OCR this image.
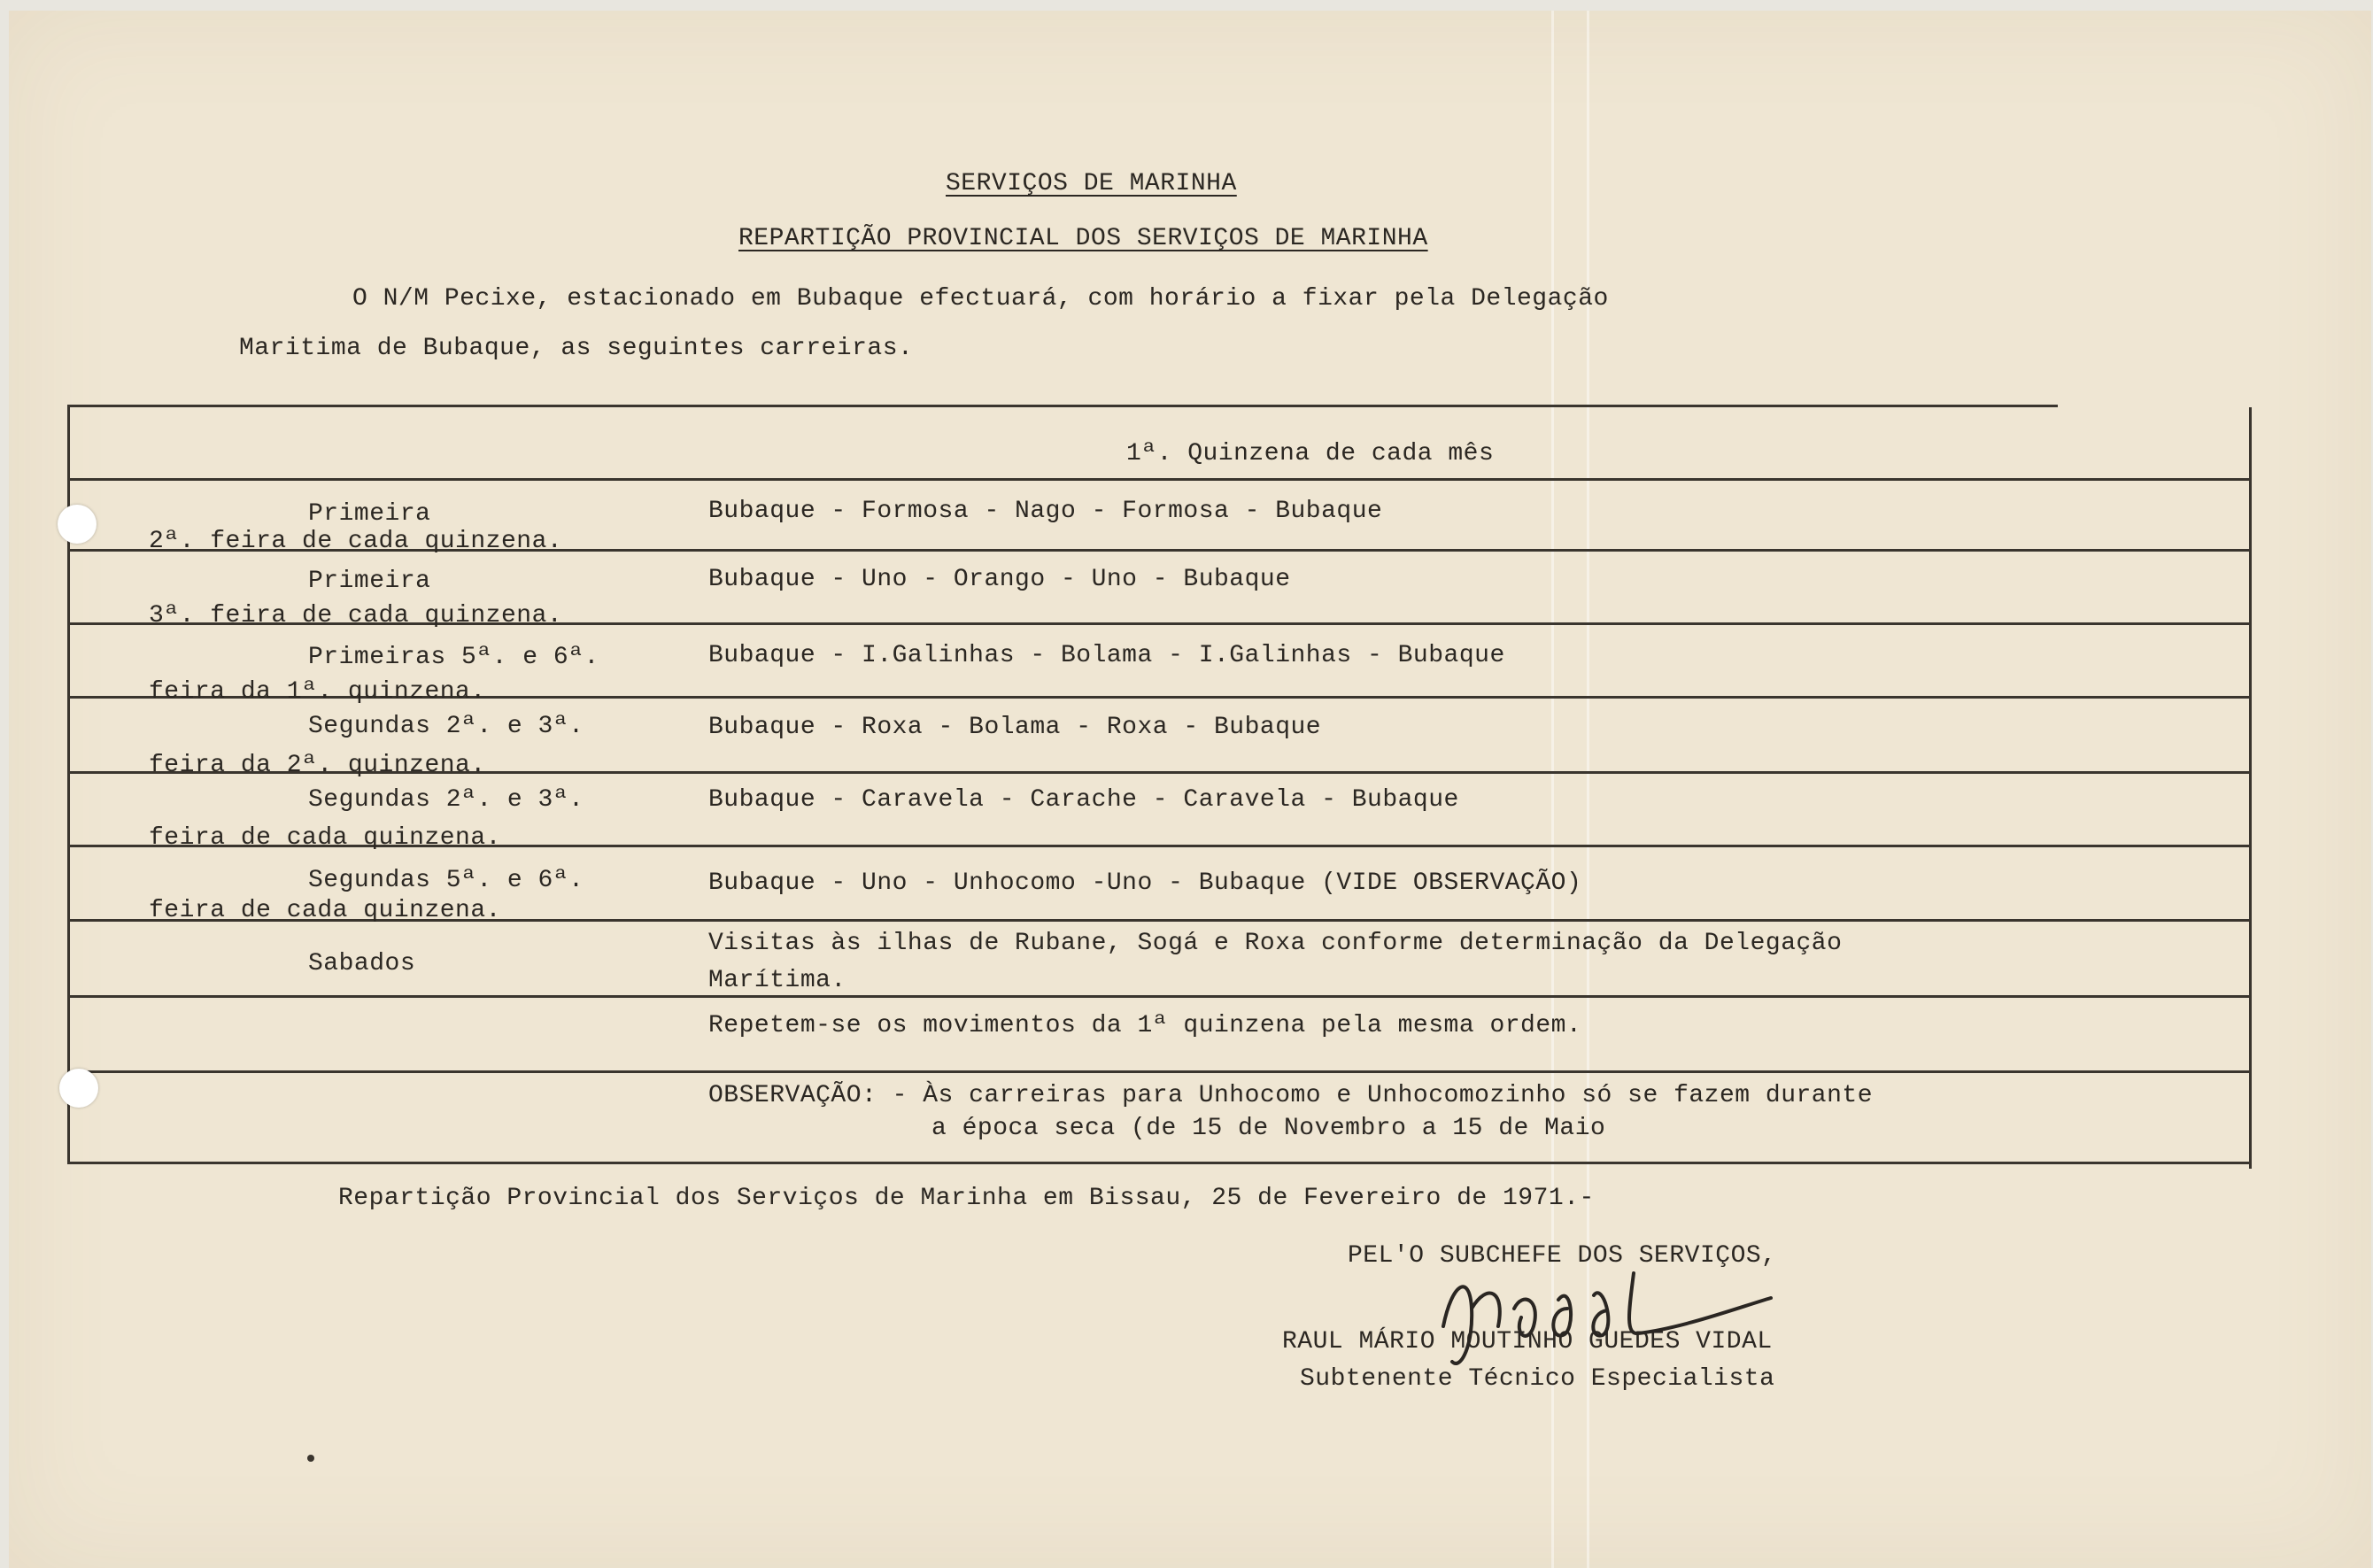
SERVIÇOS DE MARINHA
REPARTIÇÃO PROVINCIAL DOS SERVIÇOS DE MARINHA
O N/M Pecixe, estacionado em Bubaque efectuará, com horário a fixar pela Delegação
Maritima de Bubaque, as seguintes carreiras.
1ª. Quinzena de cada mês
Primeira
2ª. feira de cada quinzena.
Bubaque - Formosa - Nago - Formosa - Bubaque
Primeira
3ª. feira de cada quinzena.
Bubaque - Uno - Orango - Uno - Bubaque
Primeiras 5ª. e 6ª.
feira da 1ª. quinzena.
Bubaque - I.Galinhas - Bolama - I.Galinhas - Bubaque
Segundas 2ª. e 3ª.
feira da 2ª. quinzena.
Bubaque - Roxa - Bolama - Roxa - Bubaque
Segundas 2ª. e 3ª.
feira de cada quinzena.
Bubaque - Caravela - Carache - Caravela - Bubaque
Segundas 5ª. e 6ª.
feira de cada quinzena.
Bubaque - Uno - Unhocomo -Uno - Bubaque (VIDE OBSERVAÇÃO)
Sabados
Visitas às ilhas de Rubane, Sogá e Roxa conforme determinação da Delegação
Marítima.
Repetem-se os movimentos da 1ª quinzena pela mesma ordem.
OBSERVAÇÃO: - Às carreiras para Unhocomo e Unhocomozinho só se fazem durante
a época seca (de 15 de Novembro a 15 de Maio
Repartição Provincial dos Serviços de Marinha em Bissau, 25 de Fevereiro de 1971.-
PEL'O SUBCHEFE DOS SERVIÇOS,
RAUL MÁRIO MOUTINHO GUEDES VIDAL
Subtenente Técnico Especialista
